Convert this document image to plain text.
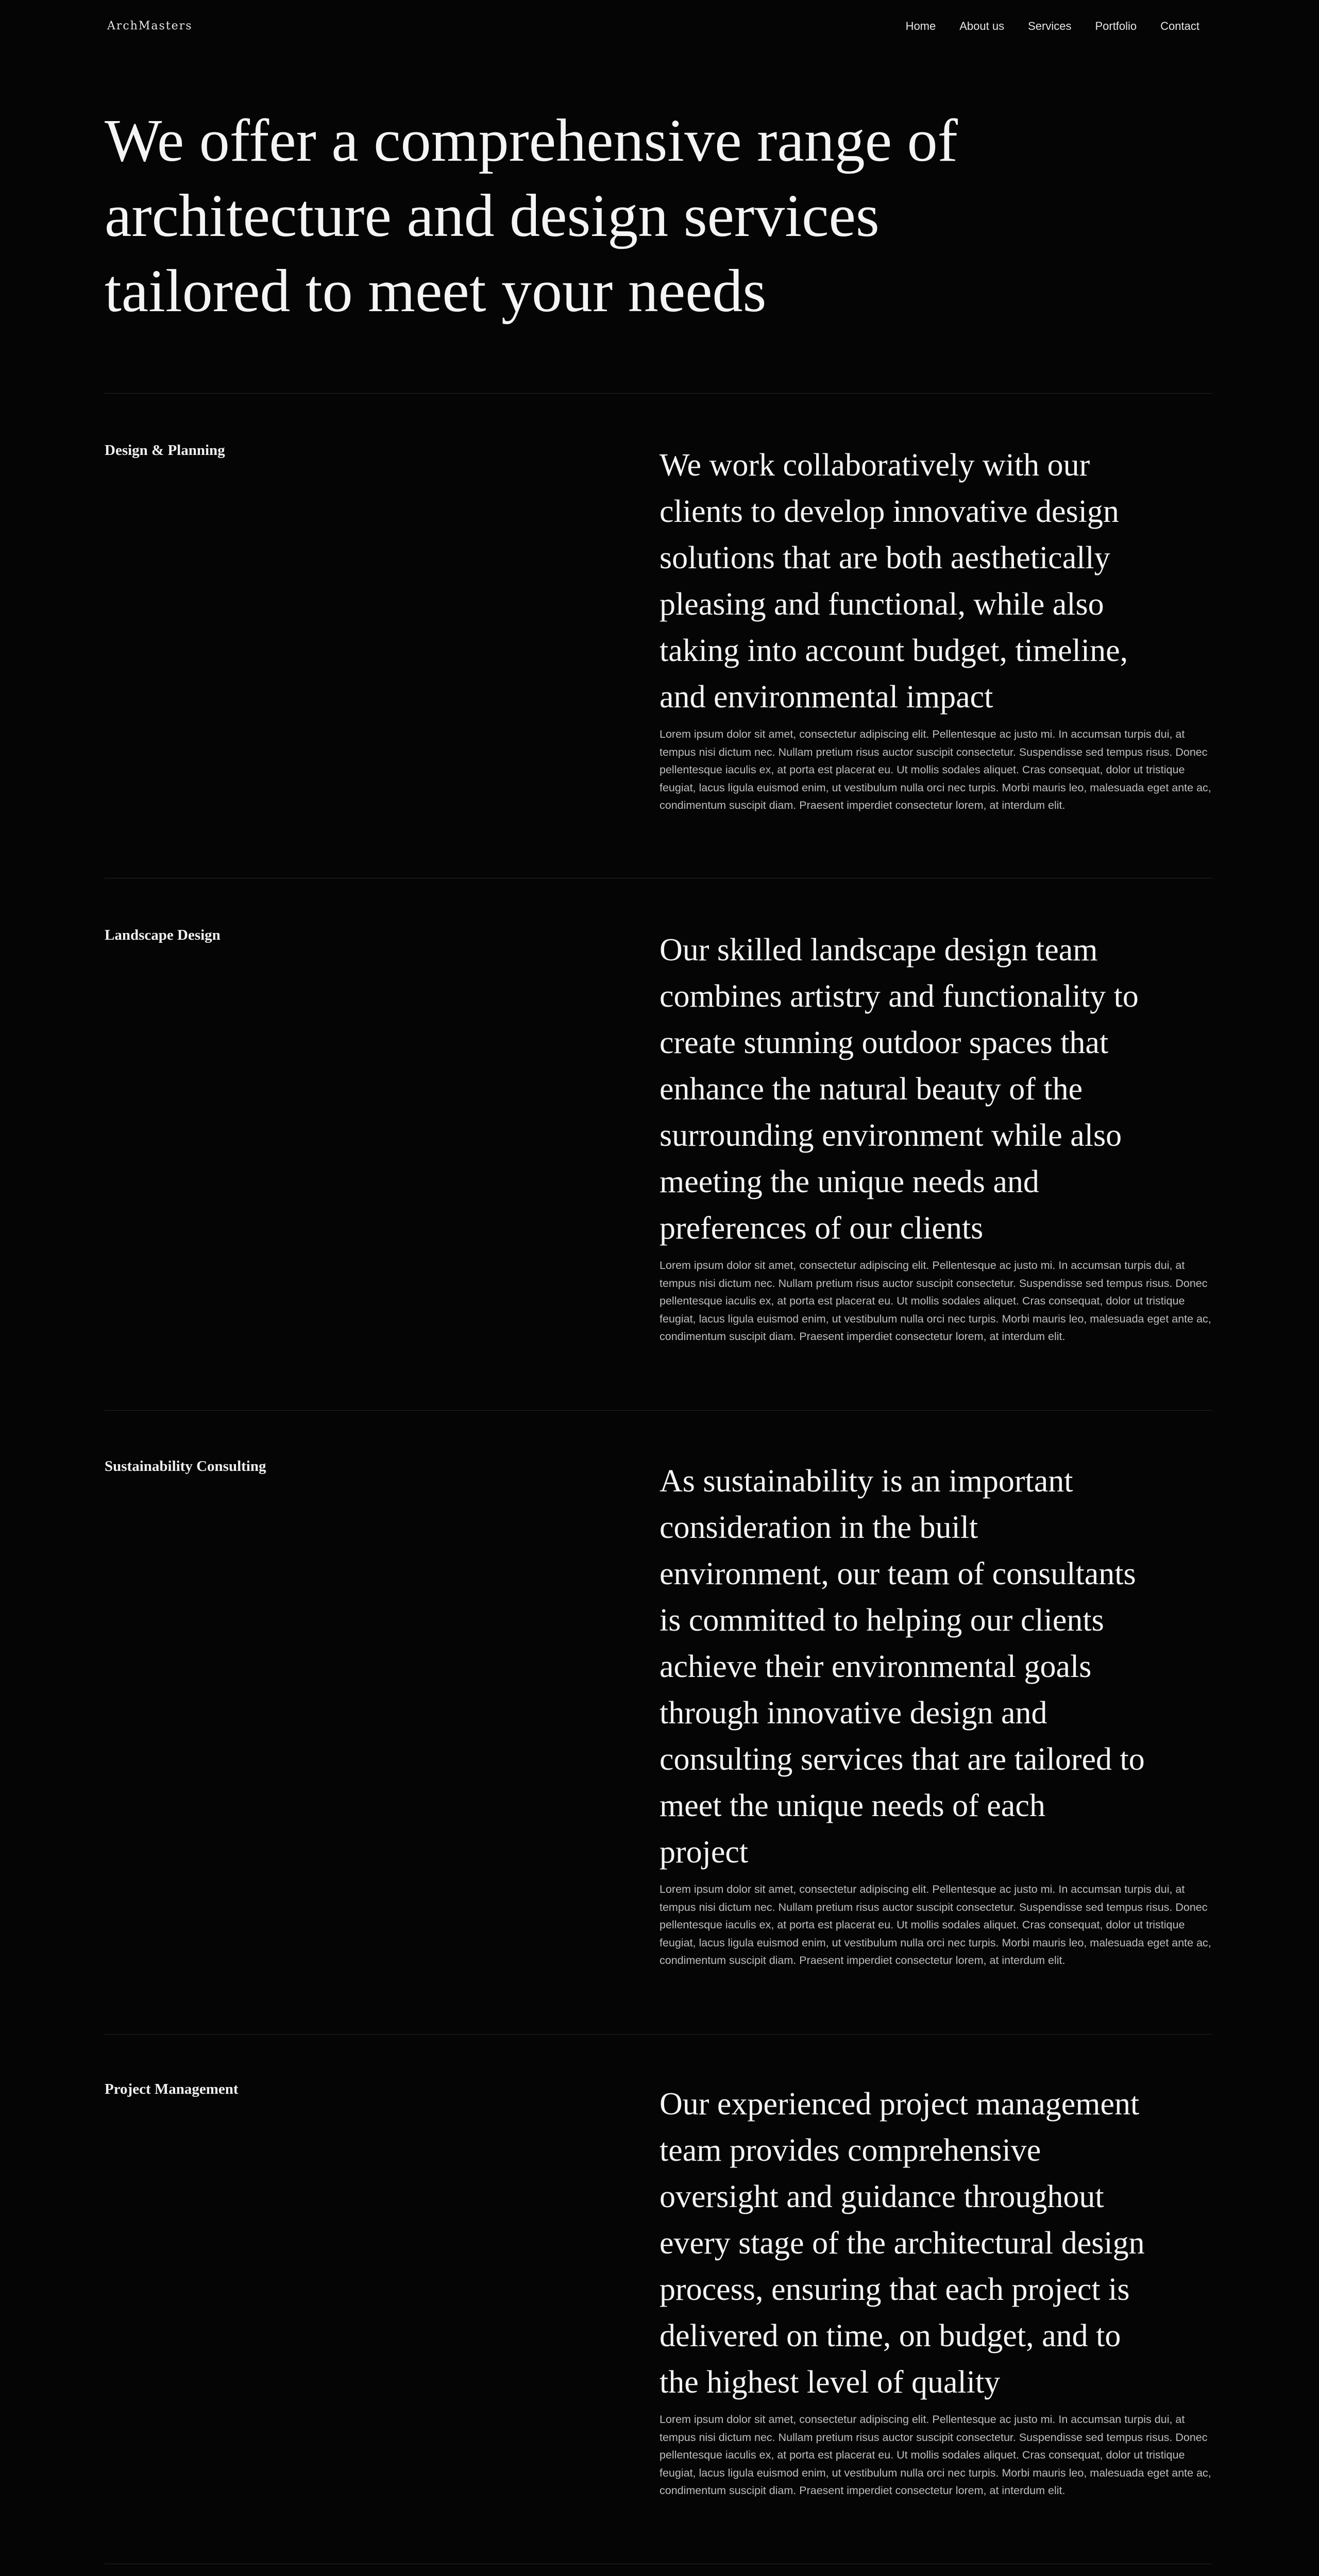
ArchMasters	Home About us Services Portfolio Contact
We offer a comprehensive range of
architecture and design services
tailored to meet your needs
Design & Planning	We work collaboratively with our
clients to develop innovative design
solutions that are both aesthetically
pleasing and functional, while also
taking into account budget, timeline,
and environmental impact

Lorem ipsum dolor sit amet, consectetur adipiscing elit. Pellentesque ac justo mi. In accumsan turpis dui, at tempus nisi dictum nec. Nullam pretium risus auctor suscipit consectetur. Suspendisse sed tempus risus. Donec pellentesque iaculis ex, at porta est placerat eu. Ut mollis sodales aliquet. Cras consequat, dolor ut tristique feugiat, lacus ligula euismod enim, ut vestibulum nulla orci nec turpis. Morbi mauris leo, malesuada eget ante ac, condimentum suscipit diam. Praesent imperdiet consectetur lorem, at interdum elit.

Landscape Design	Our skilled landscape design team
combines artistry and functionality to
create stunning outdoor spaces that
enhance the natural beauty of the
surrounding environment while also
meeting the unique needs and
preferences of our clients

Lorem ipsum dolor sit amet, consectetur adipiscing elit. Pellentesque ac justo mi. In accumsan turpis dui, at tempus nisi dictum nec. Nullam pretium risus auctor suscipit consectetur. Suspendisse sed tempus risus. Donec pellentesque iaculis ex, at porta est placerat eu. Ut mollis sodales aliquet. Cras consequat, dolor ut tristique feugiat, lacus ligula euismod enim, ut vestibulum nulla orci nec turpis. Morbi mauris leo, malesuada eget ante ac, condimentum suscipit diam. Praesent imperdiet consectetur lorem, at interdum elit.

Sustainability Consulting	As sustainability is an important
consideration in the built
environment, our team of consultants
is committed to helping our clients
achieve their environmental goals
through innovative design and
consulting services that are tailored to
meet the unique needs of each
project

Lorem ipsum dolor sit amet, consectetur adipiscing elit. Pellentesque ac justo mi. In accumsan turpis dui, at tempus nisi dictum nec. Nullam pretium risus auctor suscipit consectetur. Suspendisse sed tempus risus. Donec pellentesque iaculis ex, at porta est placerat eu. Ut mollis sodales aliquet. Cras consequat, dolor ut tristique feugiat, lacus ligula euismod enim, ut vestibulum nulla orci nec turpis. Morbi mauris leo, malesuada eget ante ac, condimentum suscipit diam. Praesent imperdiet consectetur lorem, at interdum elit.

Project Management	Our experienced project management
team provides comprehensive
oversight and guidance throughout
every stage of the architectural design
process, ensuring that each project is
delivered on time, on budget, and to
the highest level of quality

Lorem ipsum dolor sit amet, consectetur adipiscing elit. Pellentesque ac justo mi. In accumsan turpis dui, at tempus nisi dictum nec. Nullam pretium risus auctor suscipit consectetur. Suspendisse sed tempus risus. Donec pellentesque iaculis ex, at porta est placerat eu. Ut mollis sodales aliquet. Cras consequat, dolor ut tristique feugiat, lacus ligula euismod enim, ut vestibulum nulla orci nec turpis. Morbi mauris leo, malesuada eget ante ac, condimentum suscipit diam. Praesent imperdiet consectetur lorem, at interdum elit.
